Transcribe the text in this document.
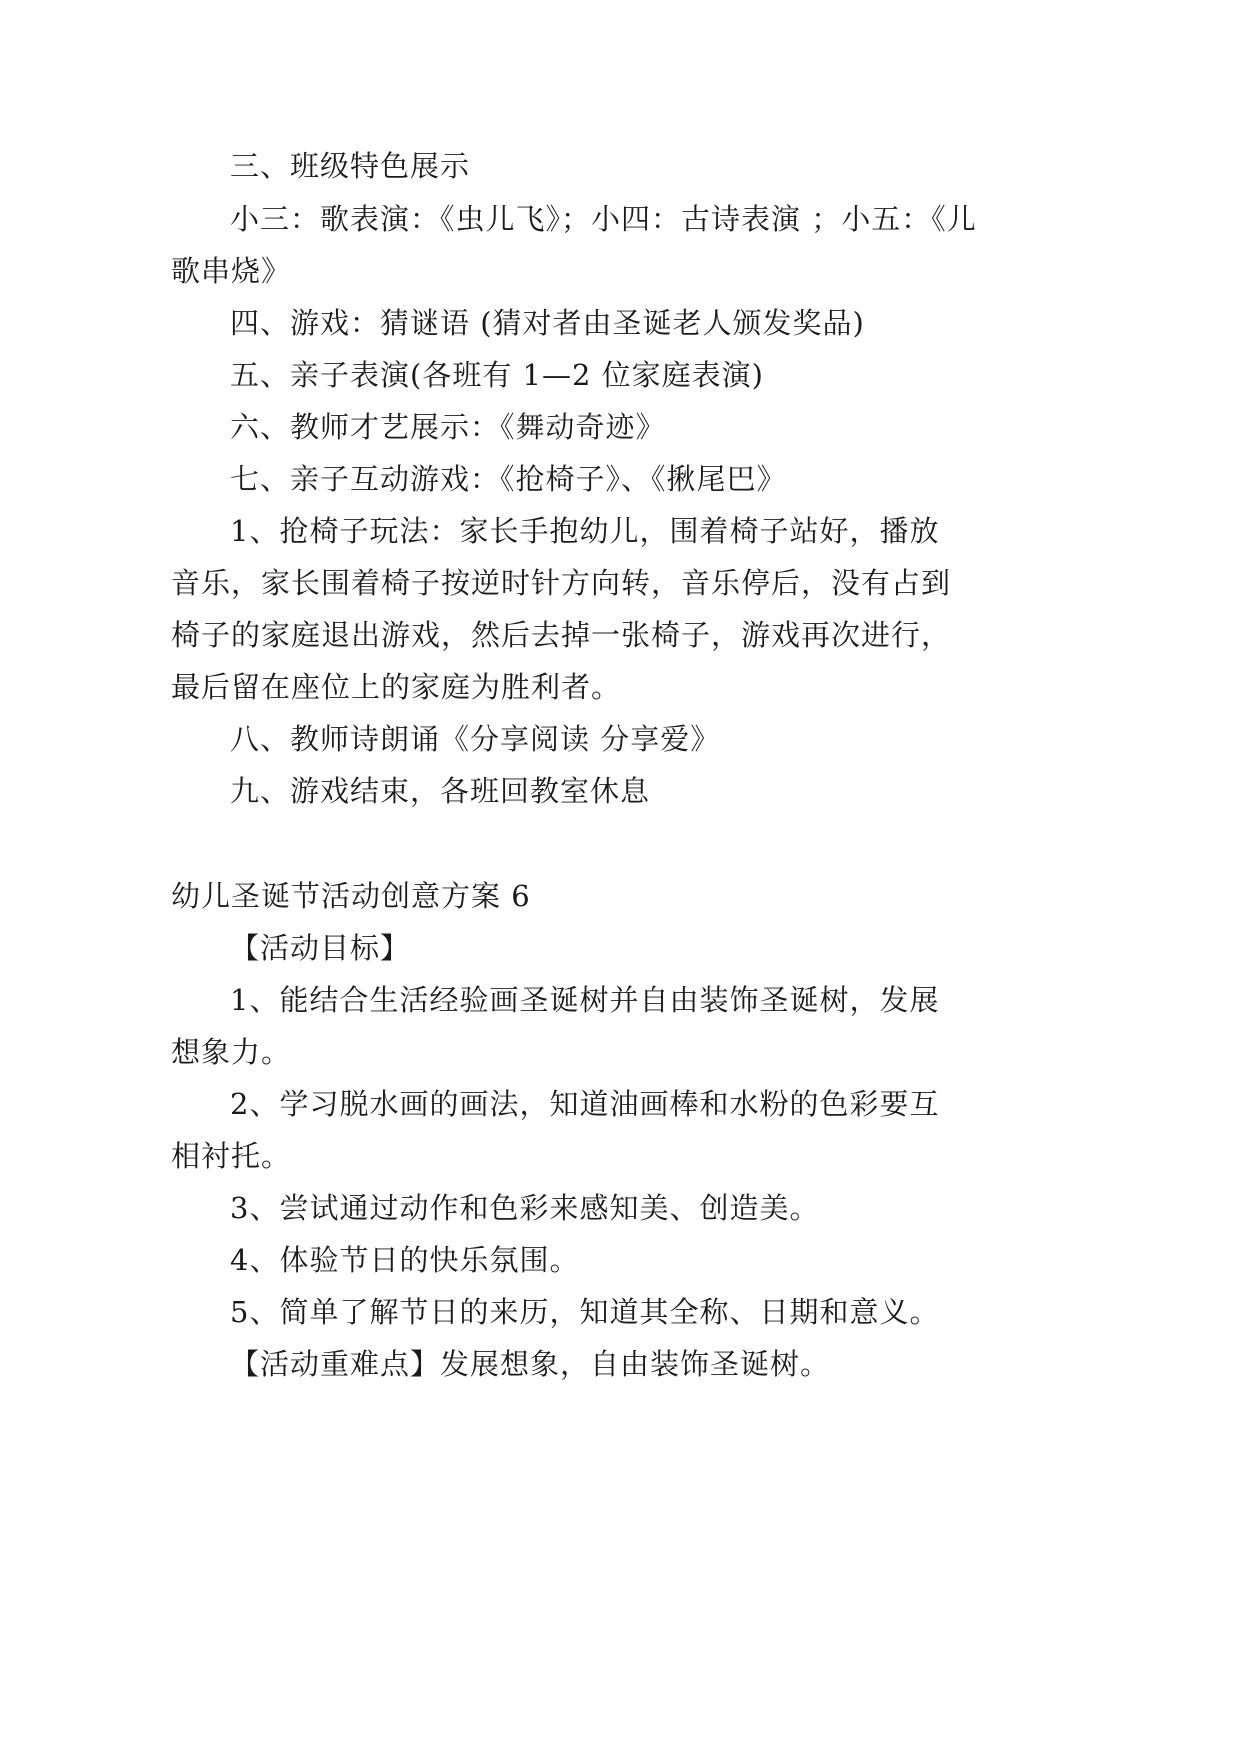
三、班级特色展示
小三：歌表演：《虫儿飞》；小四：古诗表演 ；小五：《儿
歌串烧》
四、游戏：猜谜语 (猜对者由圣诞老人颁发奖品)
五、亲子表演(各班有 1—2 位家庭表演)
六、教师才艺展示：《舞动奇迹》
七、亲子互动游戏：《抢椅子》、《揪尾巴》
1、抢椅子玩法：家长手抱幼儿，围着椅子站好，播放
音乐，家长围着椅子按逆时针方向转，音乐停后，没有占到
椅子的家庭退出游戏，然后去掉一张椅子，游戏再次进行，
最后留在座位上的家庭为胜利者。
八、教师诗朗诵《分享阅读 分享爱》
九、游戏结束，各班回教室休息
幼儿圣诞节活动创意方案 6
【活动目标】
1、能结合生活经验画圣诞树并自由装饰圣诞树，发展
想象力。
2、学习脱水画的画法，知道油画棒和水粉的色彩要互
相衬托。
3、尝试通过动作和色彩来感知美、创造美。
4、体验节日的快乐氛围。
5、简单了解节日的来历，知道其全称、日期和意义。
【活动重难点】发展想象，自由装饰圣诞树。
